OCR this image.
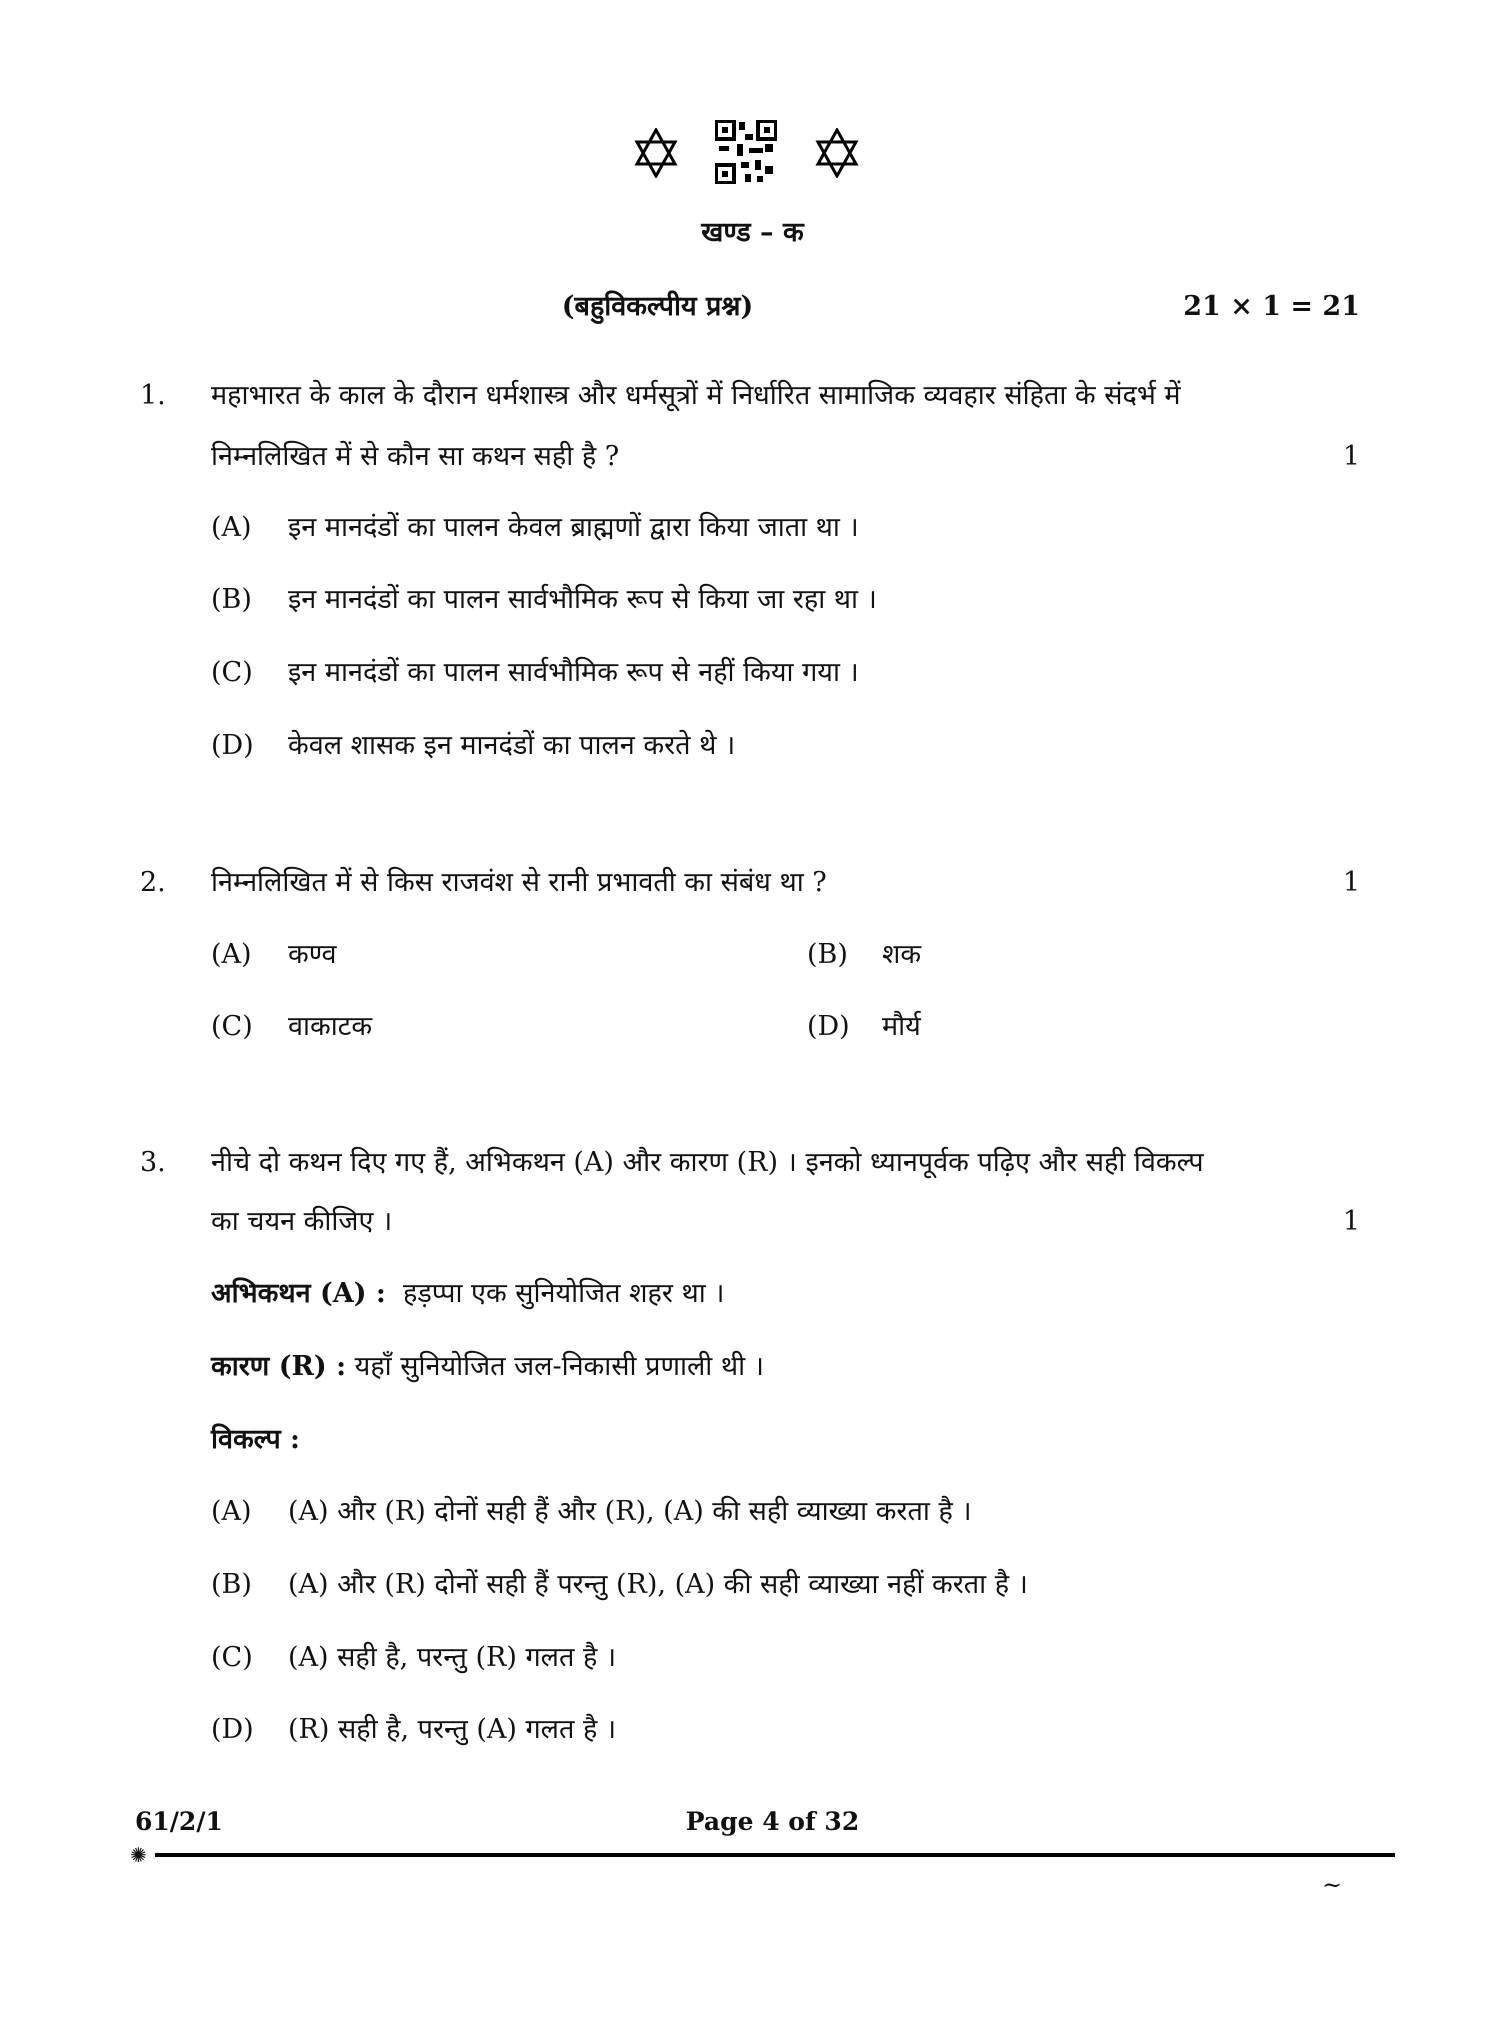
खण्ड – क
(बहुविकल्पीय प्रश्न)	21 × 1 = 21
1. महाभारत के काल के दौरान धर्मशास्त्र और धर्मसूत्रों में निर्धारित सामाजिक व्यवहार संहिता के संदर्भ में
निम्नलिखित में से कौन सा कथन सही है ?	1
(A) इन मानदंडों का पालन केवल ब्राह्मणों द्वारा किया जाता था ।
(B) इन मानदंडों का पालन सार्वभौमिक रूप से किया जा रहा था ।
(C) इन मानदंडों का पालन सार्वभौमिक रूप से नहीं किया गया ।
(D) केवल शासक इन मानदंडों का पालन करते थे ।
2. निम्नलिखित में से किस राजवंश से रानी प्रभावती का संबंध था ?	1
(A) कण्व	(B) शक
(C) वाकाटक	(D) मौर्य
3. नीचे दो कथन दिए गए हैं, अभिकथन (A) और कारण (R) । इनको ध्यानपूर्वक पढ़िए और सही विकल्प
का चयन कीजिए ।	1
अभिकथन (A) : हड़प्पा एक सुनियोजित शहर था ।
कारण (R) : यहाँ सुनियोजित जल-निकासी प्रणाली थी ।
विकल्प :
(A) (A) और (R) दोनों सही हैं और (R), (A) की सही व्याख्या करता है ।
(B) (A) और (R) दोनों सही हैं परन्तु (R), (A) की सही व्याख्या नहीं करता है ।
(C) (A) सही है, परन्तु (R) गलत है ।
(D) (R) सही है, परन्तु (A) गलत है ।
61/2/1	Page 4 of 32
✺
~
